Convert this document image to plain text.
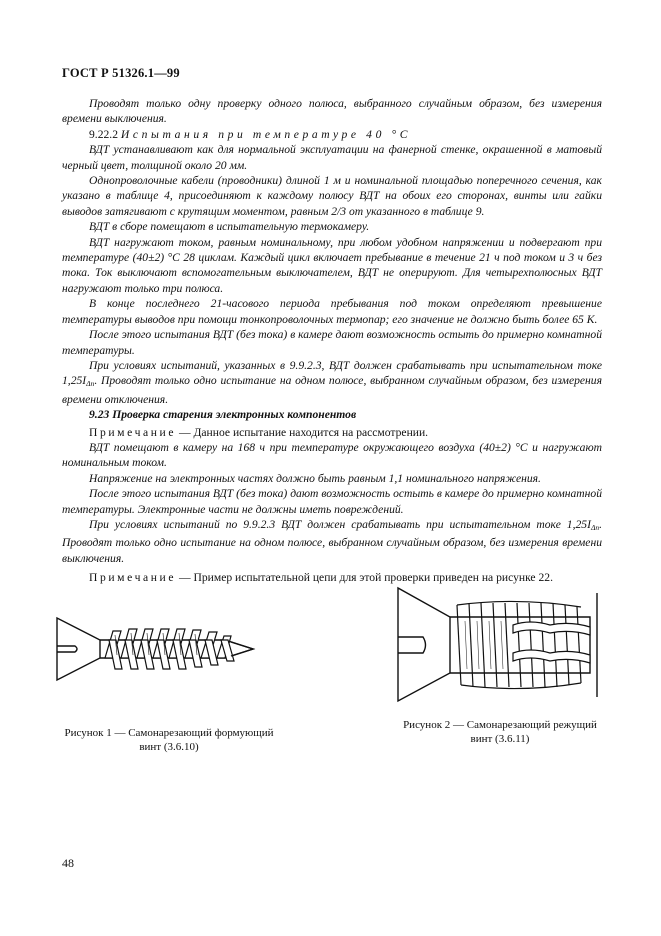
ГОСТ Р 51326.1—99

Проводят только одну проверку одного полюса, выбранного случайным образом, без измерения времени выключения.

9.22.2 Испытания при температуре 40 °С

ВДТ устанавливают как для нормальной эксплуатации на фанерной стенке, окрашенной в матовый черный цвет, толщиной около 20 мм.

Однопроволочные кабели (проводники) длиной 1 м и номинальной площадью поперечного сечения, как указано в таблице 4, присоединяют к каждому полюсу ВДТ на обоих его сторонах, винты или гайки выводов затягивают с крутящим моментом, равным 2/3 от указанного в таблице 9.

ВДТ в сборе помещают в испытательную термокамеру.

ВДТ нагружают током, равным номинальному, при любом удобном напряжении и подвергают при температуре (40±2) °С 28 циклам. Каждый цикл включает пребывание в течение 21 ч под током и 3 ч без тока. Ток выключают вспомогательным выключателем, ВДТ не оперируют. Для четырехполюсных ВДТ нагружают только три полюса.

В конце последнего 21-часового периода пребывания под током определяют превышение температуры выводов при помощи тонкопроволочных термопар; его значение не должно быть более 65 К.

После этого испытания ВДТ (без тока) в камере дают возможность остыть до примерно комнатной температуры.

При условиях испытаний, указанных в 9.9.2.3, ВДТ должен срабатывать при испытательном токе $1,25I_{\Delta n}$. Проводят только одно испытание на одном полюсе, выбранном случайным образом, без измерения времени отключения.

9.23 Проверка старения электронных компонентов

Примечание — Данное испытание находится на рассмотрении.

ВДТ помещают в камеру на 168 ч при температуре окружающего воздуха (40±2) °С и нагружают номинальным током.

Напряжение на электронных частях должно быть равным 1,1 номинального напряжения.

После этого испытания ВДТ (без тока) дают возможность остыть в камере до примерно комнатной температуры. Электронные части не должны иметь повреждений.

При условиях испытаний по 9.9.2.3 ВДТ должен срабатывать при испытательном токе $1,25I_{\Delta n}$. Проводят только одно испытание на одном полюсе, выбранном случайным образом, без измерения времени выключения.

Примечание — Пример испытательной цепи для этой проверки приведен на рисунке 22.

Рисунок 1 — Самонарезающий формующий винт (3.6.10)
Рисунок 2 — Самонарезающий режущий винт (3.6.11)
48
